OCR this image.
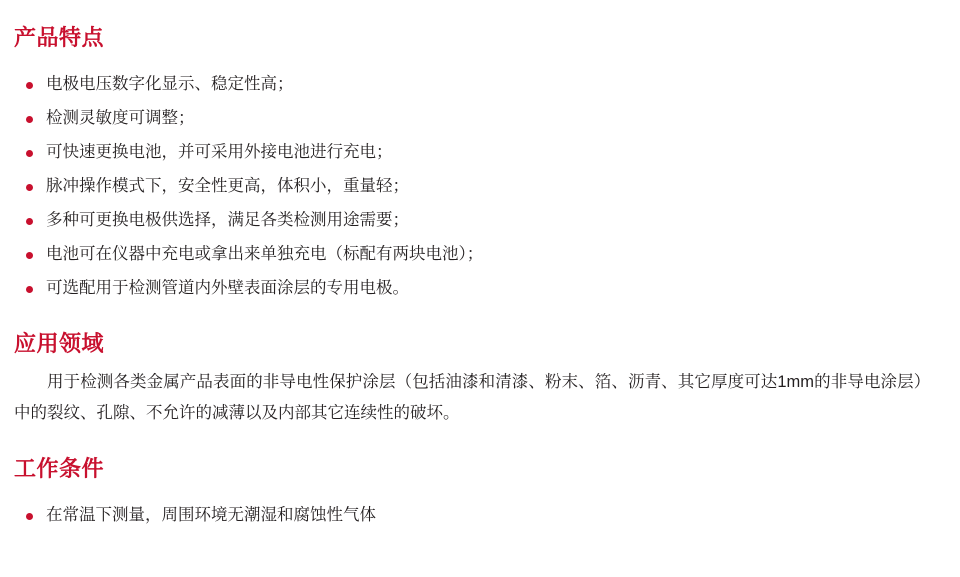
产品特点
电极电压数字化显示、稳定性高；
检测灵敏度可调整；
可快速更换电池，并可采用外接电池进行充电；
脉冲操作模式下，安全性更高，体积小，重量轻；
多种可更换电极供选择，满足各类检测用途需要；
电池可在仪器中充电或拿出来单独充电（标配有两块电池）；
可选配用于检测管道内外壁表面涂层的专用电极。
应用领域

用于检测各类金属产品表面的非导电性保护涂层（包括油漆和清漆、粉末、箔、沥青、其它厚度可达1mm的非导电涂层）中的裂纹、孔隙、不允许的减薄以及内部其它连续性的破坏。

工作条件
在常温下测量，周围环境无潮湿和腐蚀性气体
